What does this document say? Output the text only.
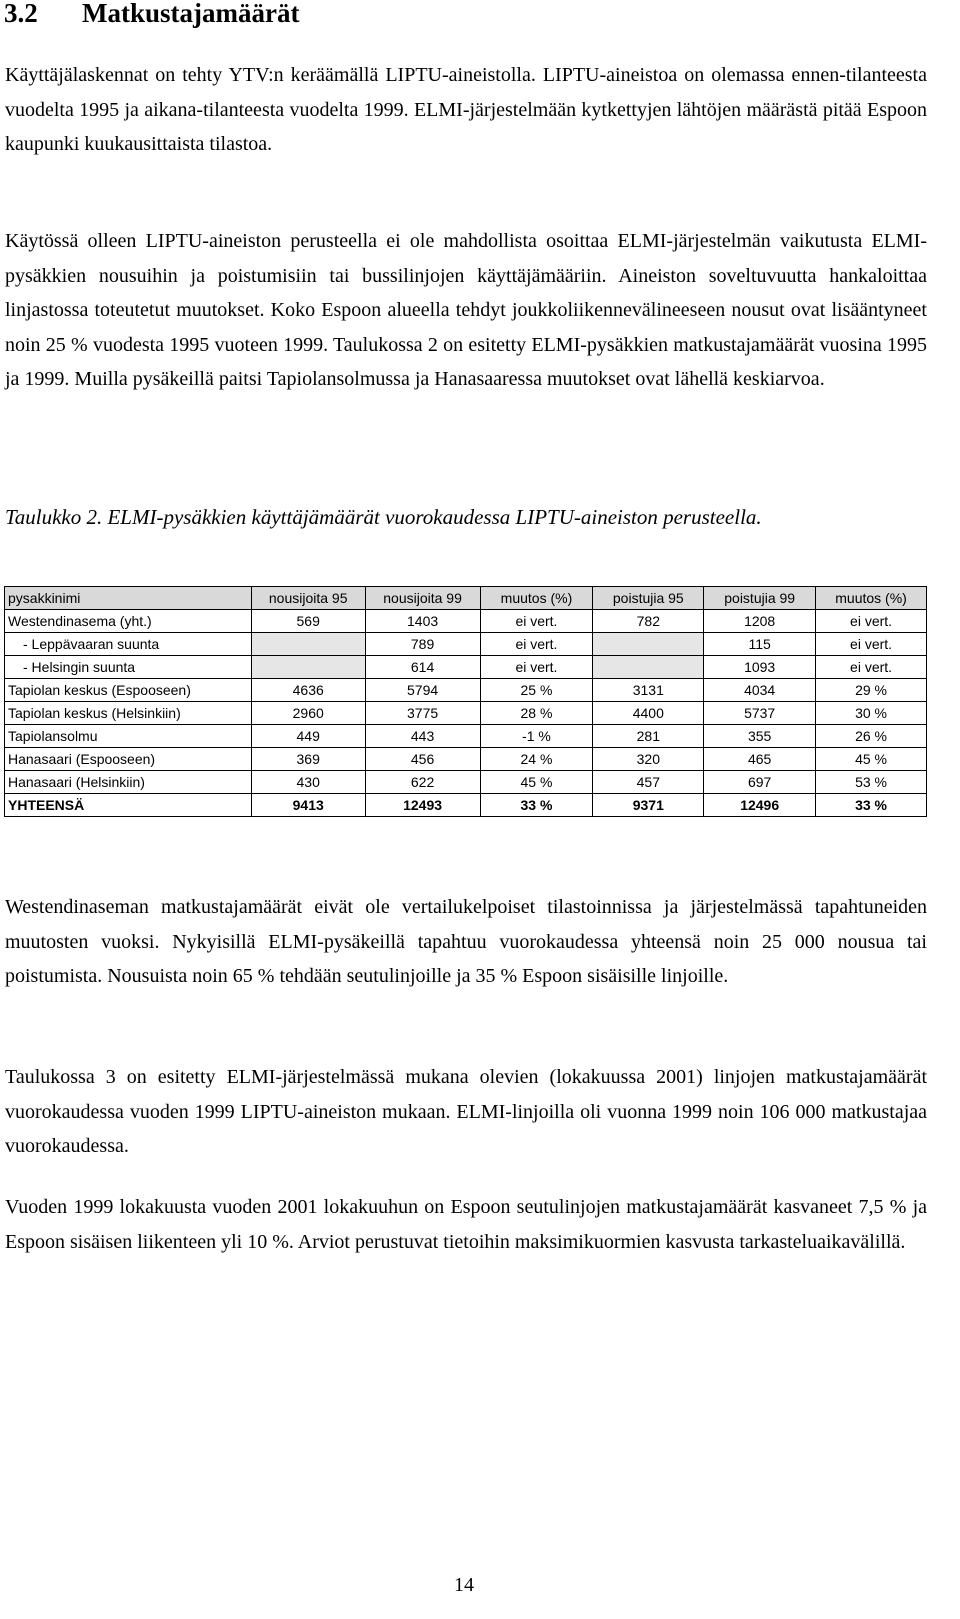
3.2 Matkustajamäärät

Käyttäjälaskennat on tehty YTV:n keräämällä LIPTU-aineistolla. LIPTU-aineistoa on olemassa ennen-tilanteesta vuodelta 1995 ja aikana-tilanteesta vuodelta 1999. ELMI-järjestelmään kytkettyjen lähtöjen määrästä pitää Espoon kaupunki kuukausittaista tilastoa.

Käytössä olleen LIPTU-aineiston perusteella ei ole mahdollista osoittaa ELMI-järjestelmän vaikutusta ELMI-pysäkkien nousuihin ja poistumisiin tai bussilinjojen käyttäjämääriin. Aineiston soveltuvuutta hankaloittaa linjastossa toteutetut muutokset. Koko Espoon alueella tehdyt joukkoliikennevälineeseen nousut ovat lisääntyneet noin 25 % vuodesta 1995 vuoteen 1999. Taulukossa 2 on esitetty ELMI-pysäkkien matkustajamäärät vuosina 1995 ja 1999. Muilla pysäkeillä paitsi Tapiolansolmussa ja Hanasaaressa muutokset ovat lähellä keskiarvoa.

Taulukko 2. ELMI-pysäkkien käyttäjämäärät vuorokaudessa LIPTU-aineiston perusteella.

pysakkinimi	nousijoita 95	nousijoita 99	muutos (%)	poistujia 95	poistujia 99	muutos (%)
Westendinasema (yht.)	569	1403	ei vert.	782	1208	ei vert.
- Leppävaaran suunta		789	ei vert.		115	ei vert.
- Helsingin suunta		614	ei vert.		1093	ei vert.
Tapiolan keskus (Espooseen)	4636	5794	25 %	3131	4034	29 %
Tapiolan keskus (Helsinkiin)	2960	3775	28 %	4400	5737	30 %
Tapiolansolmu	449	443	-1 %	281	355	26 %
Hanasaari (Espooseen)	369	456	24 %	320	465	45 %
Hanasaari (Helsinkiin)	430	622	45 %	457	697	53 %
YHTEENSÄ	9413	12493	33 %	9371	12496	33 %

Westendinaseman matkustajamäärät eivät ole vertailukelpoiset tilastoinnissa ja järjestelmässä tapahtuneiden muutosten vuoksi. Nykyisillä ELMI-pysäkeillä tapahtuu vuorokaudessa yhteensä noin 25 000 nousua tai poistumista. Nousuista noin 65 % tehdään seutulinjoille ja 35 % Espoon sisäisille linjoille.

Taulukossa 3 on esitetty ELMI-järjestelmässä mukana olevien (lokakuussa 2001) linjojen matkustajamäärät vuorokaudessa vuoden 1999 LIPTU-aineiston mukaan. ELMI-linjoilla oli vuonna 1999 noin 106 000 matkustajaa vuorokaudessa.

Vuoden 1999 lokakuusta vuoden 2001 lokakuuhun on Espoon seutulinjojen matkustajamäärät kasvaneet 7,5 % ja Espoon sisäisen liikenteen yli 10 %. Arviot perustuvat tietoihin maksimikuormien kasvusta tarkasteluaikavälillä.

14
